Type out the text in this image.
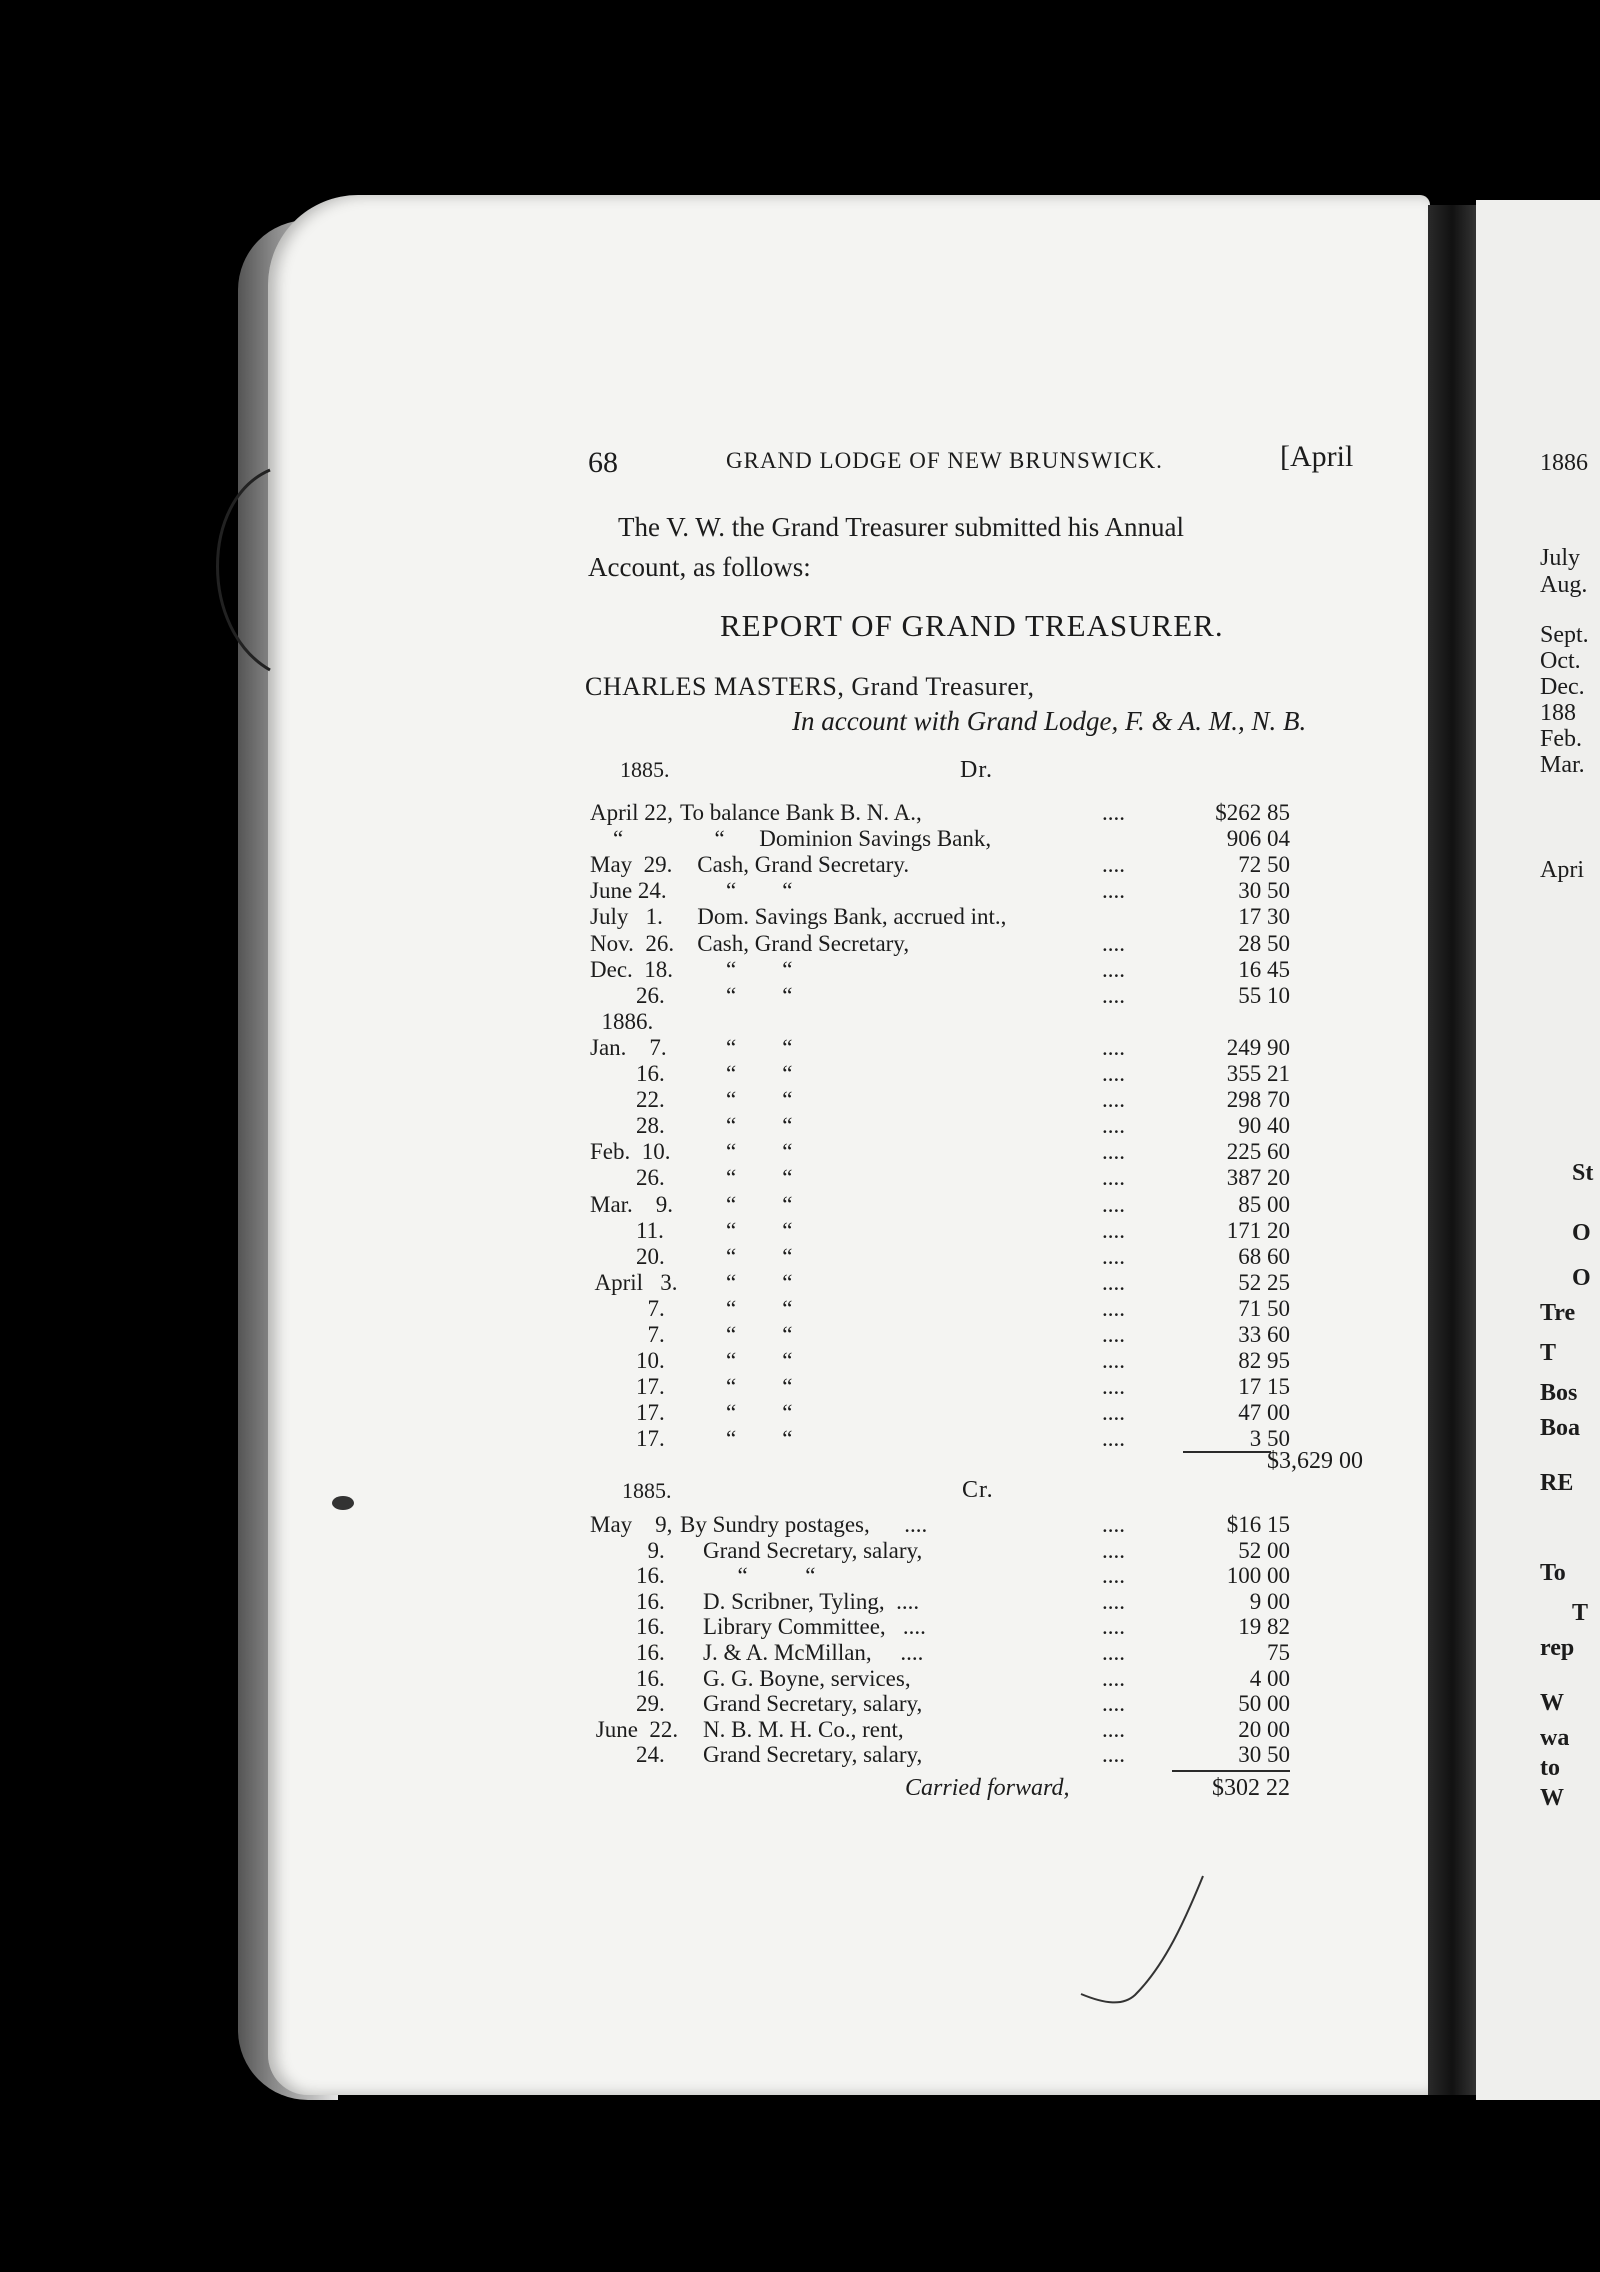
68	GRAND LODGE OF NEW BRUNSWICK.	[April
The V. W. the Grand Treasurer submitted his Annual
Account, as follows:
REPORT OF GRAND TREASURER.
CHARLES MASTERS, Grand Treasurer,
In account with Grand Lodge, F. & A. M., N. B.
1885.	Dr.
April 22, To balance Bank B. N. A.,	....	$262 85
“ “      Dominion Savings Bank,	906 04
May  29. Cash, Grand Secretary.	....	72 50
June 24. “        “	....	30 50
July   1. Dom. Savings Bank, accrued int.,	17 30
Nov.  26. Cash, Grand Secretary,	....	28 50
Dec.  18. “        “	....	16 45
26. “        “	....	55 10
1886.
Jan.    7. “        “	....	249 90
16. “        “	....	355 21
22. “        “	....	298 70
28. “        “	....	90 40
Feb.  10. “        “	....	225 60
26. “        “	....	387 20
Mar.    9. “        “	....	85 00
11. “        “	....	171 20
20. “        “	....	68 60
April   3. “        “	....	52 25
7. “        “	....	71 50
7. “        “	....	33 60
10. “        “	....	82 95
17. “        “	....	17 15
17. “        “	....	47 00
17. “        “	....	3 50
$3,629 00
1885.	Cr.
May    9, By Sundry postages,      ....	....	$16 15
9. Grand Secretary, salary,	....	52 00
16. “          “	....	100 00
16. D. Scribner, Tyling,  ....	....	9 00
16. Library Committee,   ....	....	19 82
16. J. & A. McMillan,     ....	....	75
16. G. G. Boyne, services,	....	4 00
29. Grand Secretary, salary,	....	50 00
June  22. N. B. M. H. Co., rent,	....	20 00
24. Grand Secretary, salary,	....	30 50
Carried forward,	$302 22
1886
July
Aug.
Sept.
Oct.
Dec.
188
Feb.
Mar.
Apri
St
O
O
Tre
T
Bos
Boa
RE
To
T
rep
W
wa
to
W
